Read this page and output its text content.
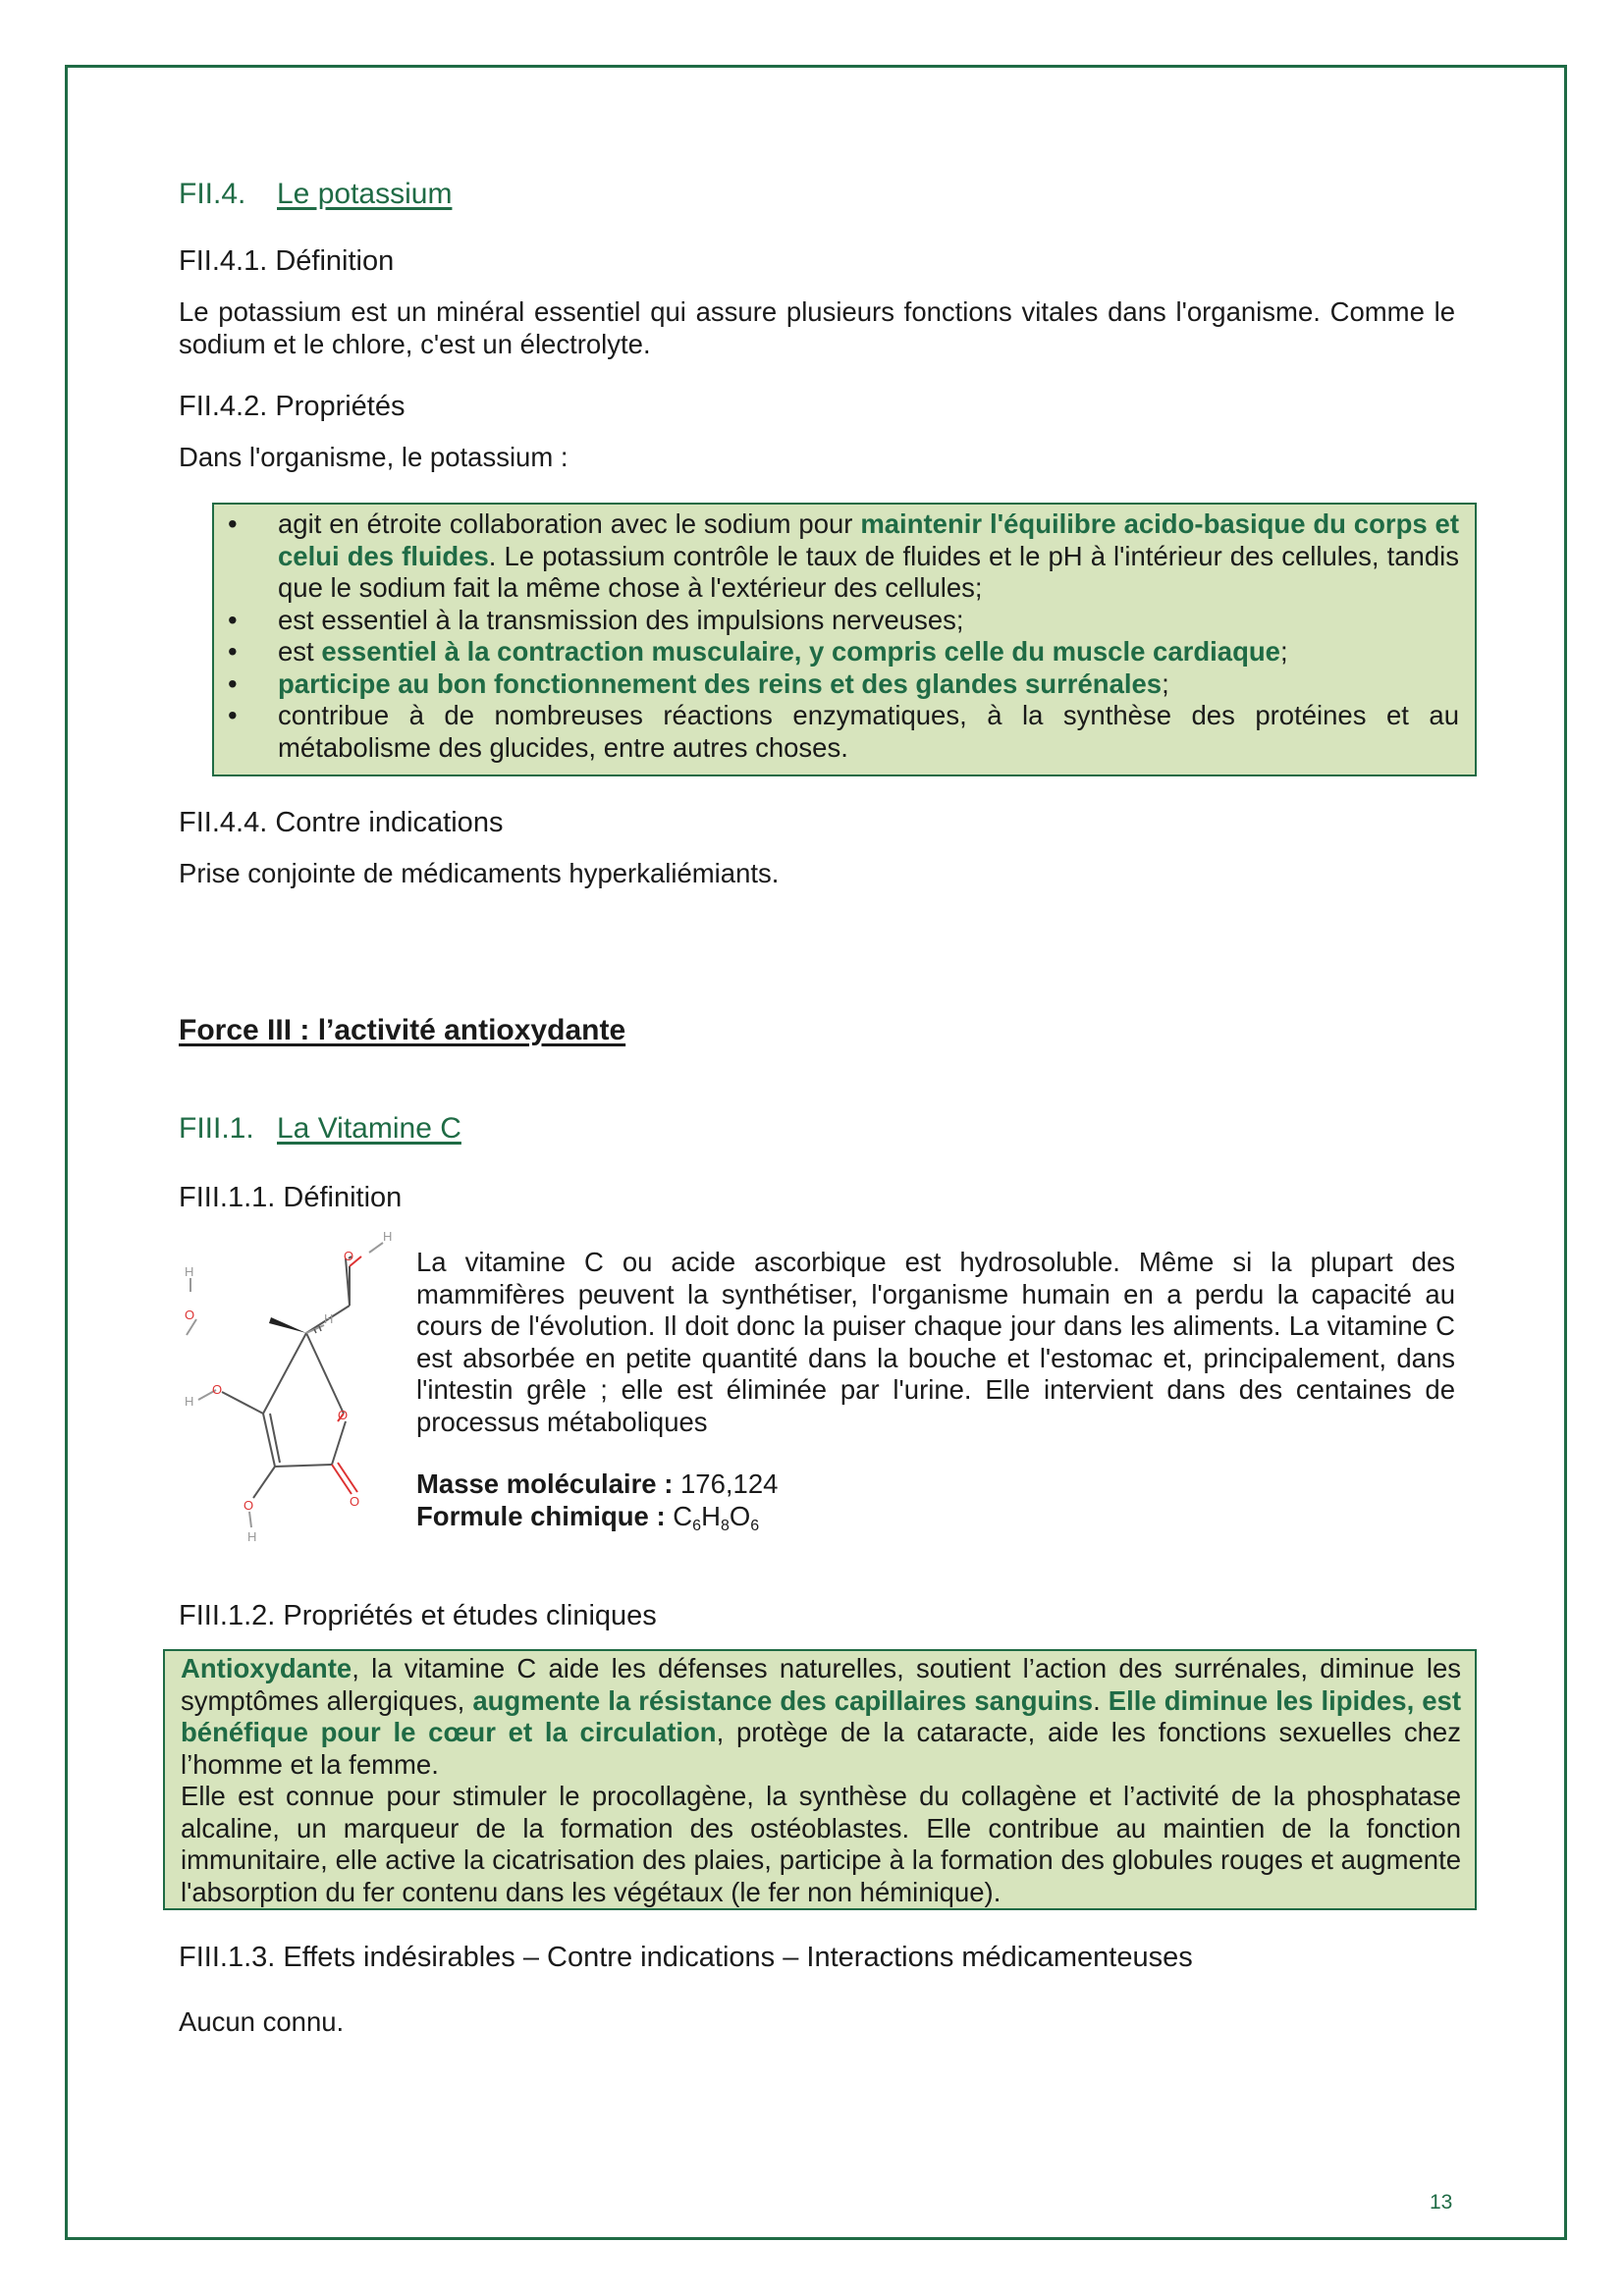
FII.4. Le potassium
FII.4.1. Définition
Le potassium est un minéral essentiel qui assure plusieurs fonctions vitales dans l'organisme. Comme le sodium et le chlore, c'est un électrolyte.
FII.4.2. Propriétés
Dans l'organisme, le potassium :
• agit en étroite collaboration avec le sodium pour maintenir l'équilibre acido-basique du corps et celui des fluides. Le potassium contrôle le taux de fluides et le pH à l'intérieur des cellules, tandis que le sodium fait la même chose à l'extérieur des cellules;
• est essentiel à la transmission des impulsions nerveuses;
• est essentiel à la contraction musculaire, y compris celle du muscle cardiaque;
• participe au bon fonctionnement des reins et des glandes surrénales;
• contribue à de nombreuses réactions enzymatiques, à la synthèse des protéines et au métabolisme des glucides, entre autres choses.
FII.4.4. Contre indications
Prise conjointe de médicaments hyperkaliémiants.
Force III : l’activité antioxydante
FIII.1. La Vitamine C
FIII.1.1. Définition
O
H
H
O	H
O
O
H
O
O
H
La vitamine C ou acide ascorbique est hydrosoluble. Même si la plupart des mammifères peuvent la synthétiser, l'organisme humain en a perdu la capacité au cours de l'évolution. Il doit donc la puiser chaque jour dans les aliments. La vitamine C est absorbée en petite quantité dans la bouche et l'estomac et, principalement, dans l'intestin grêle ; elle est éliminée par l'urine. Elle intervient dans des centaines de processus métaboliques
Masse moléculaire : 176,124
Formule chimique : $C_6H_8O_6$
FIII.1.2. Propriétés et études cliniques
Antioxydante, la vitamine C aide les défenses naturelles, soutient l’action des surrénales, diminue les symptômes allergiques, augmente la résistance des capillaires sanguins. Elle diminue les lipides, est bénéfique pour le cœur et la circulation, protège de la cataracte, aide les fonctions sexuelles chez l’homme et la femme.
Elle est connue pour stimuler le procollagène, la synthèse du collagène et l’activité de la phosphatase alcaline, un marqueur de la formation des ostéoblastes. Elle contribue au maintien de la fonction immunitaire, elle active la cicatrisation des plaies, participe à la formation des globules rouges et augmente l'absorption du fer contenu dans les végétaux (le fer non héminique).
FIII.1.3. Effets indésirables – Contre indications – Interactions médicamenteuses
Aucun connu.
13
